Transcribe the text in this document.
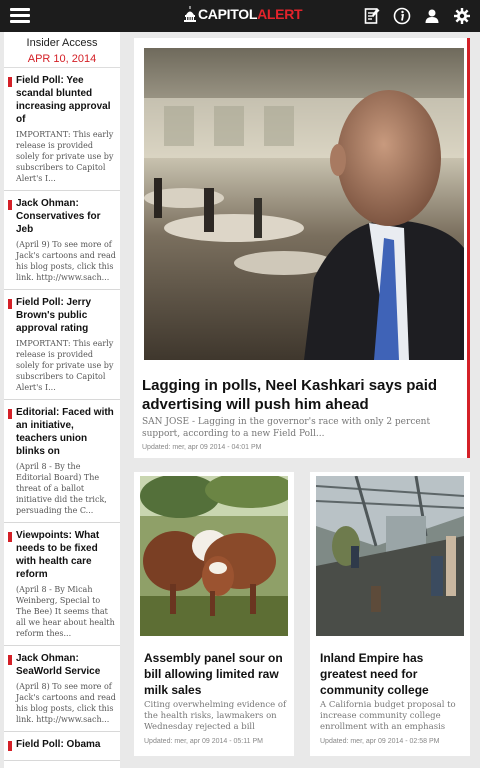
CAPITOL ALERT
Insider Access
APR 10, 2014
Field Poll: Yee scandal blunted increasing approval of
IMPORTANT: This early release is provided solely for private use by subscribers to Capitol Alert's I...
Jack Ohman: Conservatives for Jeb
(April 9) To see more of Jack's cartoons and read his blog posts, click this link. http://www.sach...
Field Poll: Jerry Brown's public approval rating
IMPORTANT: This early release is provided solely for private use by subscribers to Capitol Alert's I...
Editorial: Faced with an initiative, teachers union blinks on
(April 8 - By the Editorial Board) The threat of a ballot initiative did the trick, persuading the C...
Viewpoints: What needs to be fixed with health care reform
(April 8 - By Micah Weinberg, Special to The Bee) It seems that all we hear about health reform thes...
Jack Ohman: SeaWorld Service
(April 8) To see more of Jack's cartoons and read his blog posts, click this link. http://www.sach...
Field Poll: Obama
Lagging in polls, Neel Kashkari says paid advertising will push him ahead
SAN JOSE - Lagging in the governor's race with only 2 percent support, according to a new Field Poll...
Updated: mer, apr 09 2014 - 04:01 PM
Assembly panel sour on bill allowing limited raw milk sales
Citing overwhelming evidence of the health risks, lawmakers on Wednesday rejected a bill
Updated: mer, apr 09 2014 - 05:11 PM
Inland Empire has greatest need for community college
A California budget proposal to increase community college enrollment with an emphasis
Updated: mer, apr 09 2014 - 02:58 PM
